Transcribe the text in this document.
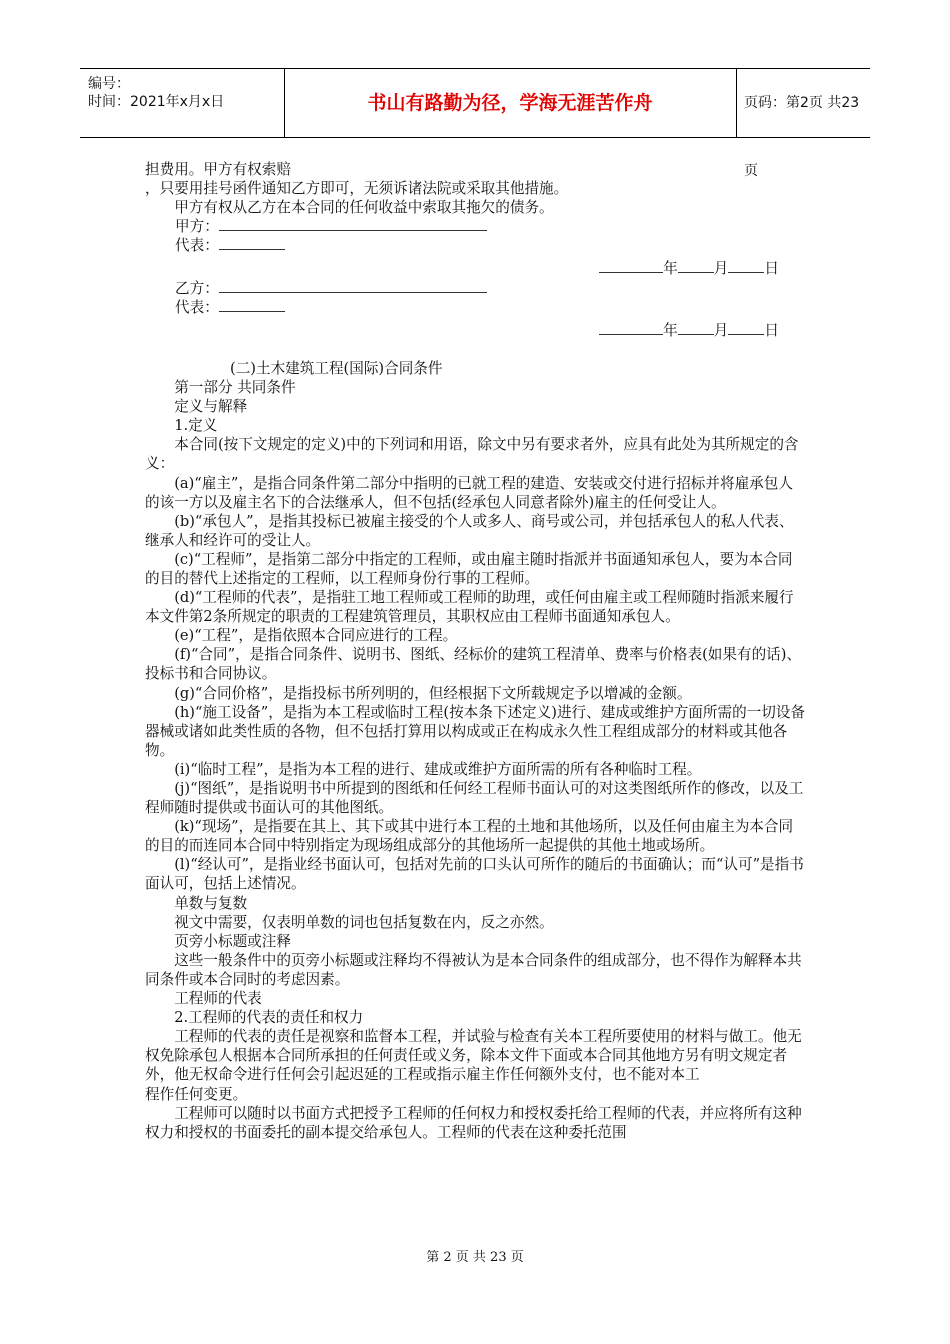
编号：
时间：2021年x月x日	书山有路勤为径，学海无涯苦作舟	页码：第2页 共23页

担费用。甲方有权索赔

，只要用挂号函件通知乙方即可，无须诉诸法院或采取其他措施。

甲方有权从乙方在本合同的任何收益中索取其拖欠的债务。

甲方：
代表：
年 月 日
乙方：
代表：
年 月 日

(二)土木建筑工程(国际)合同条件

第一部分 共同条件

定义与解释

1.定义

本合同(按下文规定的定义)中的下列词和用语，除文中另有要求者外，应具有此处为其所规定的含义：

(a)“雇主”，是指合同条件第二部分中指明的已就工程的建造、安装或交付进行招标并将雇承包人的该一方以及雇主名下的合法继承人，但不包括(经承包人同意者除外)雇主的任何受让人。

(b)“承包人”，是指其投标已被雇主接受的个人或多人、商号或公司，并包括承包人的私人代表、继承人和经许可的受让人。

(c)“工程师”，是指第二部分中指定的工程师，或由雇主随时指派并书面通知承包人，要为本合同的目的替代上述指定的工程师，以工程师身份行事的工程师。

(d)“工程师的代表”，是指驻工地工程师或工程师的助理，或任何由雇主或工程师随时指派来履行本文件第2条所规定的职责的工程建筑管理员，其职权应由工程师书面通知承包人。

(e)“工程”，是指依照本合同应进行的工程。

(f)“合同”，是指合同条件、说明书、图纸、经标价的建筑工程清单、费率与价格表(如果有的话)、投标书和合同协议。

(g)“合同价格”，是指投标书所列明的，但经根据下文所载规定予以增减的金额。

(h)“施工设备”，是指为本工程或临时工程(按本条下述定义)进行、建成或维护方面所需的一切设备器械或诸如此类性质的各物，但不包括打算用以构成或正在构成永久性工程组成部分的材料或其他各物。

(i)“临时工程”，是指为本工程的进行、建成或维护方面所需的所有各种临时工程。

(j)“图纸”，是指说明书中所提到的图纸和任何经工程师书面认可的对这类图纸所作的修改，以及工程师随时提供或书面认可的其他图纸。

(k)“现场”，是指要在其上、其下或其中进行本工程的土地和其他场所，以及任何由雇主为本合同的目的而连同本合同中特别指定为现场组成部分的其他场所一起提供的其他土地或场所。

(l)“经认可”，是指业经书面认可，包括对先前的口头认可所作的随后的书面确认；而“认可”是指书面认可，包括上述情况。

单数与复数

视文中需要，仅表明单数的词也包括复数在内，反之亦然。

页旁小标题或注释

这些一般条件中的页旁小标题或注释均不得被认为是本合同条件的组成部分，也不得作为解释本共同条件或本合同时的考虑因素。

工程师的代表

2.工程师的代表的责任和权力

工程师的代表的责任是视察和监督本工程，并试验与检查有关本工程所要使用的材料与做工。他无权免除承包人根据本合同所承担的任何责任或义务，除本文件下面或本合同其他地方另有明文规定者外，他无权命令进行任何会引起迟延的工程或指示雇主作任何额外支付，也不能对本工

程作任何变更。

工程师可以随时以书面方式把授予工程师的任何权力和授权委托给工程师的代表，并应将所有这种权力和授权的书面委托的副本提交给承包人。工程师的代表在这种委托范围

第 2 页 共 23 页
